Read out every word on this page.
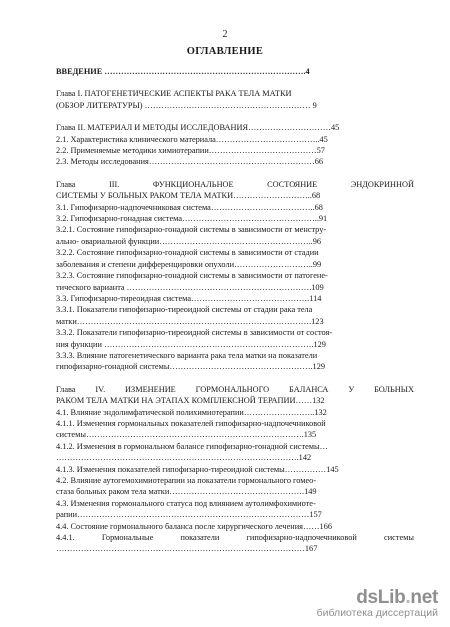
2
ОГЛАВЛЕНИЕ
ВВЕДЕНИЕ ……………………………………………………………….4
Глава I. ПАТОГЕНЕТИЧЕСКИЕ АСПЕКТЫ РАКА ТЕЛА МАТКИ
(ОБЗОР ЛИТЕРАТУРЫ) …………………………………………………… 9
Глава II. МАТЕРИАЛ И МЕТОДЫ ИССЛЕДОВАНИЯ…………………………45
2.1. Характеристика клинического материала………………………………..45
2.2. Применяемые методики химиотерапии…………………………………57
2.3. Методы исследования……………………………………………………66
Глава III. ФУНКЦИОНАЛЬНОЕ СОСТОЯНИЕ ЭНДОКРИННОЙ
СИСТЕМЫ У БОЛЬНЫХ РАКОМ ТЕЛА МАТКИ………………………..68
3.1. Гипофизарно-надпочечниковая система………………………………..68
3.2. Гипофизарно-гонадная система…………………………………………..91
3.2.1. Состояние гипофизарно-гонадной системы в зависимости от менстру-
ально- овариальной функции………………………………………………..96
3.2.2. Состояние гипофизарно-гонадной системы в зависимости от стадии
заболевания и степени дифференцировки опухоли………………………..99
3.2.3. Состояние гипофизарно-гонадной системы в зависимости от патогене-
тического варианта ………………………………………………………….109
3.3. Гипофизарно-тиреоидная система…………………………………….114
3.3.1. Показатели гипофизарно-тиреоидной системы от стадии рака тела
матки………………………………………………………………………….123
3.3.2. Показатели гипофизарно-тиреоидной системы в зависимости от состоя-
ния функции ………………………………………………………………….129
3.3.3. Влияние патогенетического варианта рака тела матки на показатели
гипофизарно-гонадной системы…………………………………………….129
Глава IV. ИЗМЕНЕНИЕ ГОРМОНАЛЬНОГО БАЛАНСА У БОЛЬНЫХ
РАКОМ ТЕЛА МАТКИ НА ЭТАПАХ КОМПЛЕКСНОЙ ТЕРАПИИ……132
4.1. Влияние эндолимфатической полихимиотерапии……………………..132
4.1.1. Изменения гормональных показателей гипофизарно-надпочечниковой
системы…………………………………………………………………….135
4.1.2. Изменения в гормональном балансе гипофизарно-гонадной системы…
…………………………………………………………………………….142
4.1.3. Изменения показателей гипофизарно-тиреоидной системы……………145
4.2. Влияние аутогемохимиотерапии на показатели гормонального гомео-
стаза больных раком тела матки………………………………………….149
4.3. Изменения гормонального статуса под влиянием аутолимфохимиоте-
рапии…………………………………………………………………………157
4.4. Состояние гормонального баланса после хирургического лечения……166
4.4.1. Гормональные показатели гипофизарно-надпочечниковой системы
………………………………………………………………………………167
dsLib.net
библиотека диссертаций
